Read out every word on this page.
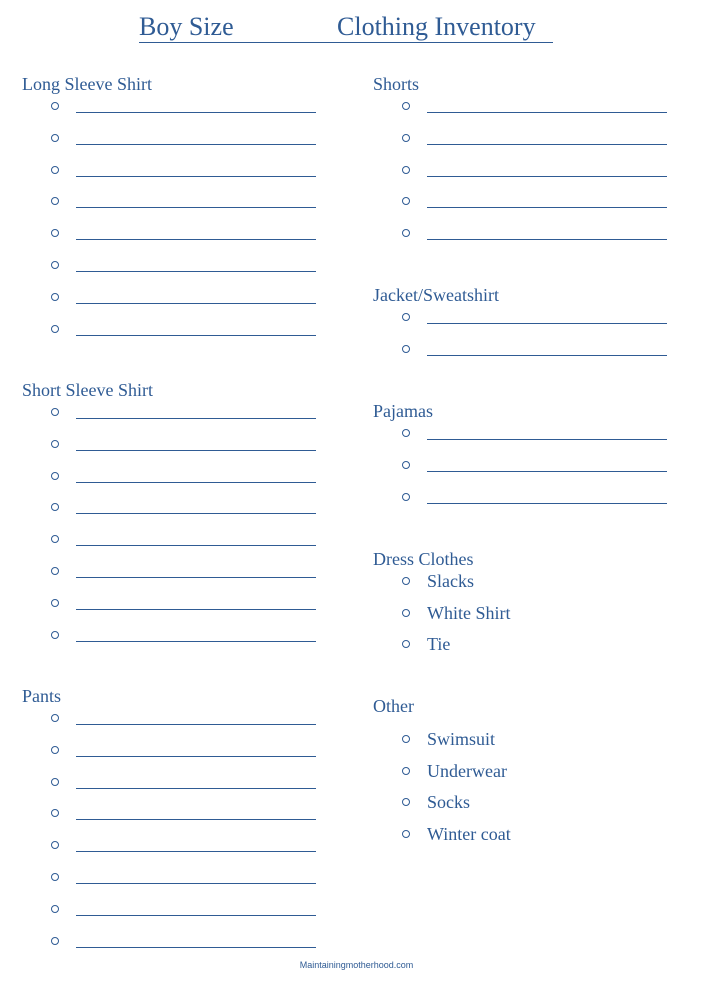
Boy Size	Clothing Inventory
Long Sleeve Shirt
Short Sleeve Shirt
Pants
Shorts
Jacket/Sweatshirt
Pajamas
Dress Clothes
Slacks
White Shirt
Tie
Other
Swimsuit
Underwear
Socks
Winter coat
Maintainingmotherhood.com
